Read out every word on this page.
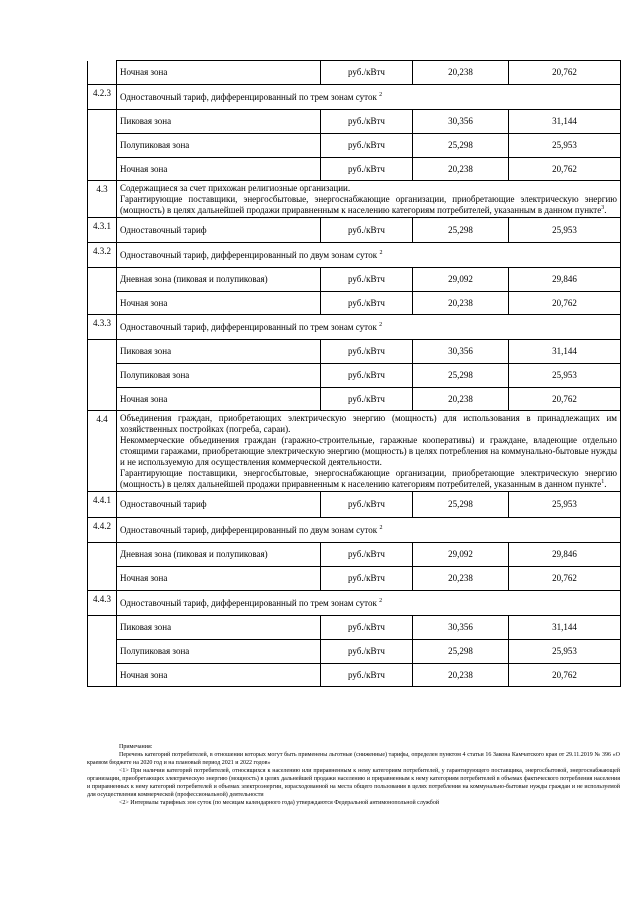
	Ночная зона	руб./кВтч	20,238	20,762
4.2.3	Одноставочный тариф, дифференцированный по трем зонам суток $^2$
	Пиковая зона	руб./кВтч	30,356	31,144
	Полупиковая зона	руб./кВтч	25,298	25,953
	Ночная зона	руб./кВтч	20,238	20,762
4.3	Содержащиеся за счет прихожан религиозные организации.
Гарантирующие поставщики, энергосбытовые, энергоснабжающие организации, приобретающие электрическую энергию (мощность) в целях дальнейшей продажи приравненным к населению категориям потребителей, указанным в данном пункте$^3$.			

4.3.1	Одноставочный тариф	руб./кВтч	25,298	25,953
4.3.2	Одноставочный тариф, дифференцированный по двум зонам суток $^2$
	Дневная зона (пиковая и полупиковая)	руб./кВтч	29,092	29,846
	Ночная зона	руб./кВтч	20,238	20,762
4.3.3	Одноставочный тариф, дифференцированный по трем зонам суток $^2$
	Пиковая зона	руб./кВтч	30,356	31,144
	Полупиковая зона	руб./кВтч	25,298	25,953
	Ночная зона	руб./кВтч	20,238	20,762
4.4	Объединения граждан, приобретающих электрическую энергию (мощность) для использования в принадлежащих им хозяйственных постройках (погреба, сараи).
Некоммерческие объединения граждан (гаражно-строительные, гаражные кооперативы) и граждане, владеющие отдельно стоящими гаражами, приобретающие электрическую энергию (мощность) в целях потребления на коммунально-бытовые нужды и не используемую для осуществления коммерческой деятельности.
Гарантирующие поставщики, энергосбытовые, энергоснабжающие организации, приобретающие электрическую энергию (мощность) в целях дальнейшей продажи приравненным к населению категориям потребителей, указанным в данном пункте$^1$.			

4.4.1	Одноставочный тариф	руб./кВтч	25,298	25,953
4.4.2	Одноставочный тариф, дифференцированный по двум зонам суток $^2$
	Дневная зона (пиковая и полупиковая)	руб./кВтч	29,092	29,846
	Ночная зона	руб./кВтч	20,238	20,762
4.4.3	Одноставочный тариф, дифференцированный по трем зонам суток $^2$
	Пиковая зона	руб./кВтч	30,356	31,144
	Полупиковая зона	руб./кВтч	25,298	25,953
	Ночная зона	руб./кВтч	20,238	20,762

Примечания:

Перечень категорий потребителей, в отношении которых могут быть применены льготные (сниженные) тарифы, определен пунктом 4 статьи 16 Закона Камчатского края от 29.11.2019 № 396 «О краевом бюджете на 2020 год и на плановый период 2021 и 2022 годов»

<1> При наличии категорий потребителей, относящихся к населению или приравненным к нему категориям потребителей, у гарантирующего поставщика, энергосбытовой, энергоснабжающей организации, приобретающих электрическую энергию (мощность) в целях дальнейшей продажи населению и приравненным к нему категориям потребителей в объемах фактического потребления населения и приравненных к нему категорий потребителей и объемах электроэнергии, израсходованной на места общего пользования в целях потребления на коммунально-бытовые нужды граждан и не используемой для осуществления коммерческой (профессиональной) деятельности

<2> Интервалы тарифных зон суток (по месяцам календарного года) утверждаются Федеральной антимонопольной службой
